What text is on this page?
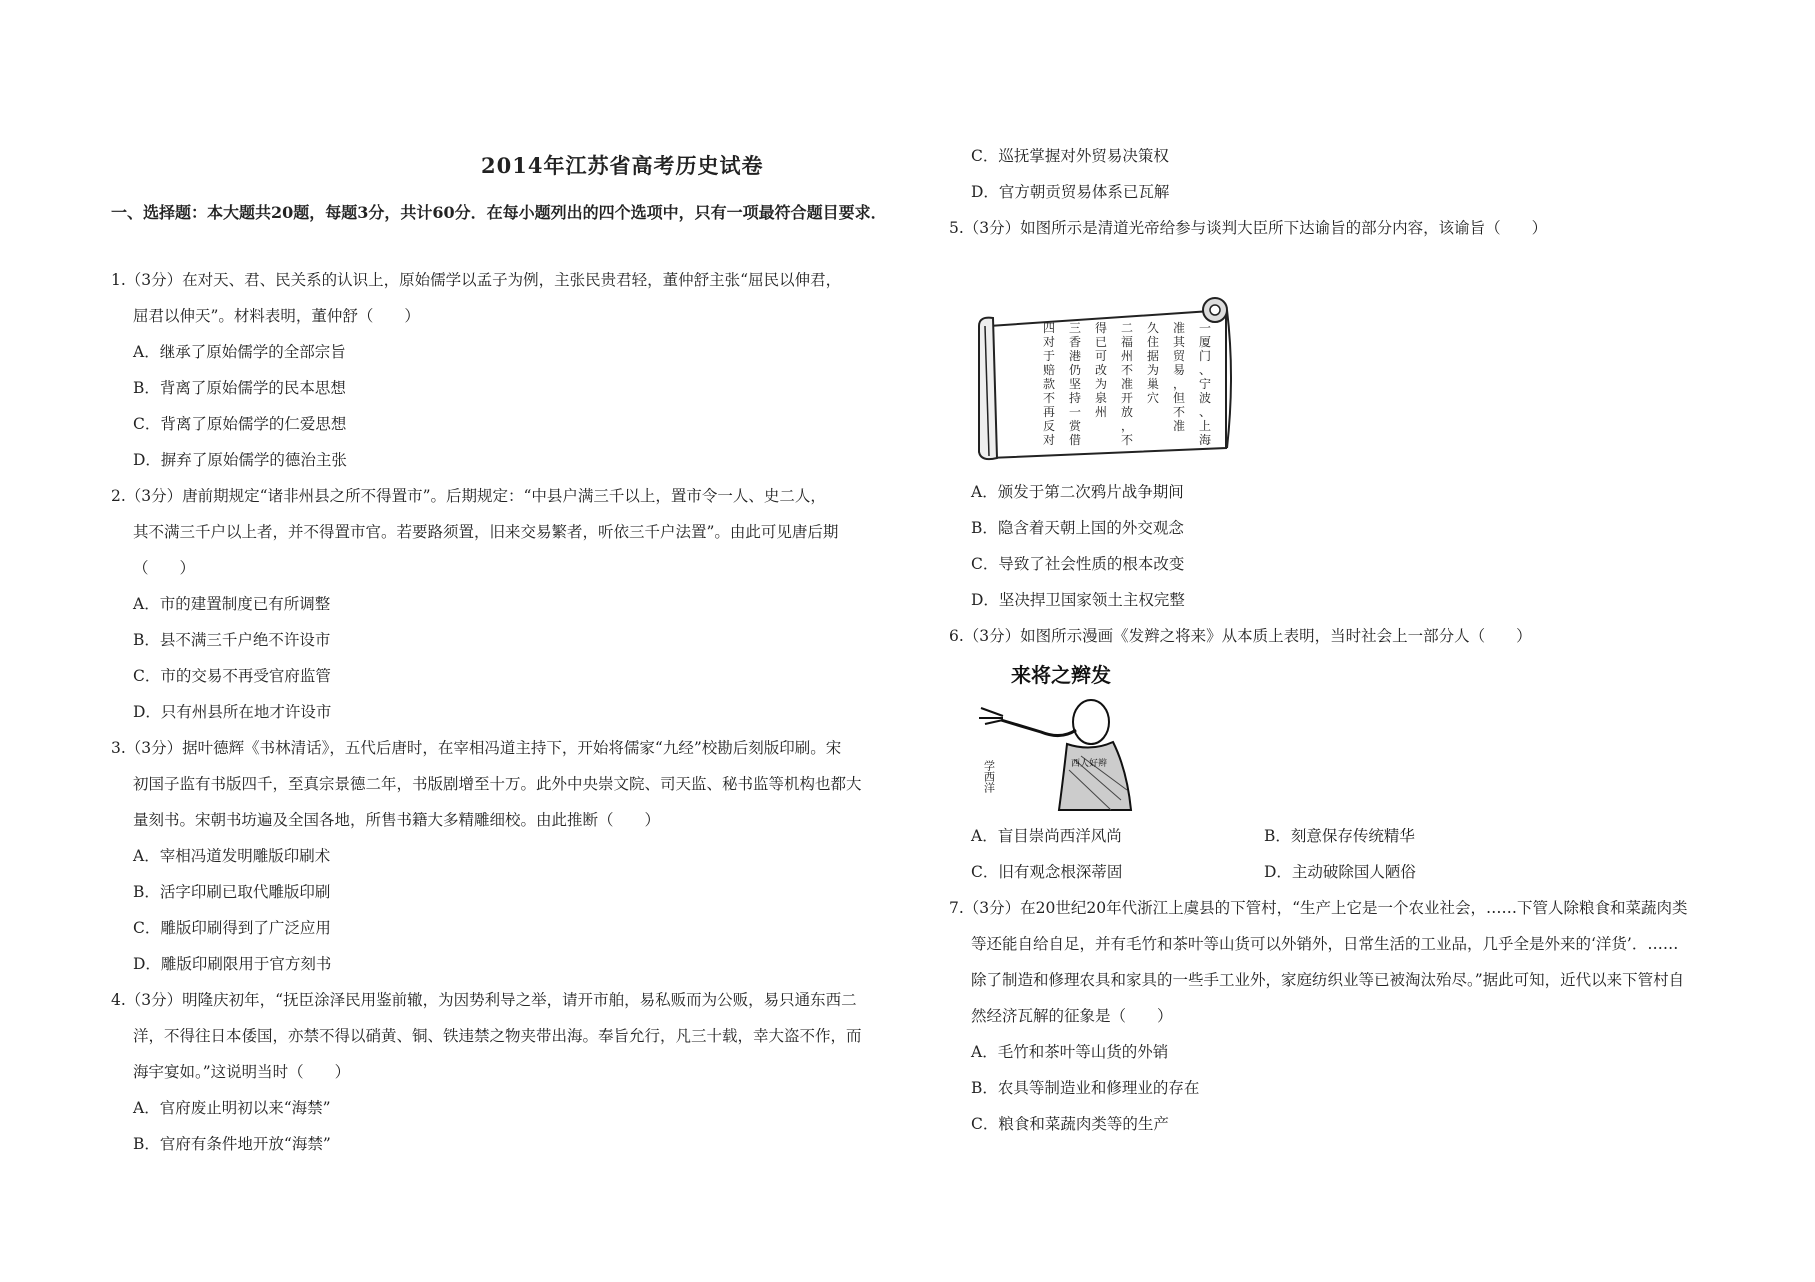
2014年江苏省高考历史试卷
一、选择题：本大题共20题，每题3分，共计60分．在每小题列出的四个选项中，只有一项最符合题目要求．
1.（3分）在对天、君、民关系的认识上，原始儒学以孟子为例，主张民贵君轻，董仲舒主张“屈民以伸君，
屈君以伸天”。材料表明，董仲舒（　　）
A．继承了原始儒学的全部宗旨
B．背离了原始儒学的民本思想
C．背离了原始儒学的仁爱思想
D．摒弃了原始儒学的德治主张
2.（3分）唐前期规定“诸非州县之所不得置市”。后期规定：“中县户满三千以上，置市令一人、史二人，
其不满三千户以上者，并不得置市官。若要路须置，旧来交易繁者，听依三千户法置”。由此可见唐后期
（　　）
A．市的建置制度已有所调整
B．县不满三千户绝不许设市
C．市的交易不再受官府监管
D．只有州县所在地才许设市
3.（3分）据叶德辉《书林清话》，五代后唐时，在宰相冯道主持下，开始将儒家“九经”校勘后刻版印刷。宋
初国子监有书版四千，至真宗景德二年，书版剧增至十万。此外中央崇文院、司天监、秘书监等机构也都大
量刻书。宋朝书坊遍及全国各地，所售书籍大多精雕细校。由此推断（　　）
A．宰相冯道发明雕版印刷术
B．活字印刷已取代雕版印刷
C．雕版印刷得到了广泛应用
D．雕版印刷限用于官方刻书
4.（3分）明隆庆初年，“抚臣涂泽民用鉴前辙，为因势利导之举，请开市舶，易私贩而为公贩，易只通东西二
洋，不得往日本倭国，亦禁不得以硝黄、铜、铁违禁之物夹带出海。奉旨允行，凡三十载，幸大盗不作，而
海宇宴如。”这说明当时（　　）
A．官府废止明初以来“海禁”
B．官府有条件地开放“海禁”
C．巡抚掌握对外贸易决策权
D．官方朝贡贸易体系已瓦解
5.（3分）如图所示是清道光帝给参与谈判大臣所下达谕旨的部分内容，该谕旨（　　）
一厦门、宁波、上海
准其贸易，但不准
久住据为巢穴
二福州不准开放，不
得已可改为泉州
三香港仍坚持一赏借
四对于赔款不再反对
A．颁发于第二次鸦片战争期间
B．隐含着天朝上国的外交观念
C．导致了社会性质的根本改变
D．坚决捍卫国家领土主权完整
6.（3分）如图所示漫画《发辫之将来》从本质上表明，当时社会上一部分人（　　）
来将之辫发
学西洋	西人好辫
A．盲目崇尚西洋风尚	B．刻意保存传统精华
C．旧有观念根深蒂固	D．主动破除国人陋俗
7.（3分）在20世纪20年代浙江上虞县的下管村，“生产上它是一个农业社会，……下管人除粮食和菜蔬肉类
等还能自给自足，并有毛竹和茶叶等山货可以外销外，日常生活的工业品，几乎全是外来的‘洋货’．……
除了制造和修理农具和家具的一些手工业外，家庭纺织业等已被淘汰殆尽。”据此可知，近代以来下管村自
然经济瓦解的征象是（　　）
A．毛竹和茶叶等山货的外销
B．农具等制造业和修理业的存在
C．粮食和菜蔬肉类等的生产
